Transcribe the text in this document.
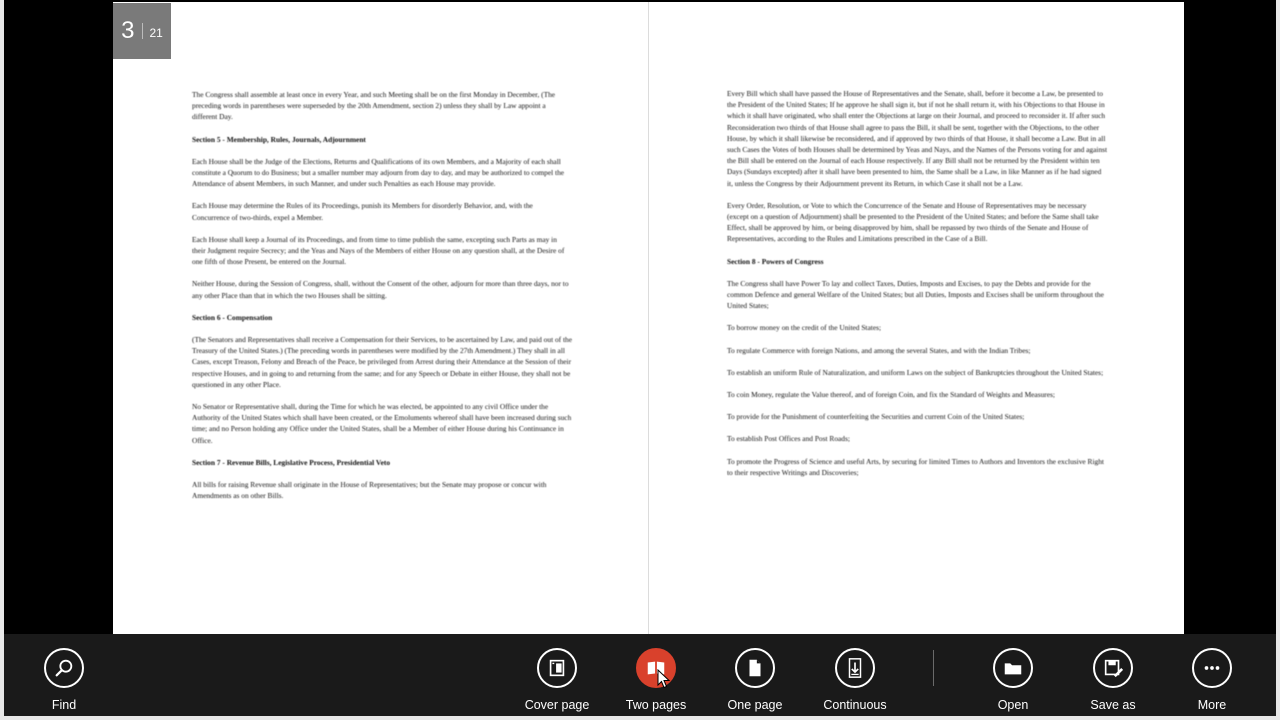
3 21

The Congress shall assemble at least once in every Year, and such Meeting shall be on the first Monday in December, (The preceding words in parentheses were superseded by the 20th Amendment, section 2) unless they shall by Law appoint a different Day.

Section 5 - Membership, Rules, Journals, Adjournment

Each House shall be the Judge of the Elections, Returns and Qualifications of its own Members, and a Majority of each shall constitute a Quorum to do Business; but a smaller number may adjourn from day to day, and may be authorized to compel the Attendance of absent Members, in such Manner, and under such Penalties as each House may provide.

Each House may determine the Rules of its Proceedings, punish its Members for disorderly Behavior, and, with the Concurrence of two-thirds, expel a Member.

Each House shall keep a Journal of its Proceedings, and from time to time publish the same, excepting such Parts as may in their Judgment require Secrecy; and the Yeas and Nays of the Members of either House on any question shall, at the Desire of one fifth of those Present, be entered on the Journal.

Neither House, during the Session of Congress, shall, without the Consent of the other, adjourn for more than three days, nor to any other Place than that in which the two Houses shall be sitting.

Section 6 - Compensation

(The Senators and Representatives shall receive a Compensation for their Services, to be ascertained by Law, and paid out of the Treasury of the United States.) (The preceding words in parentheses were modified by the 27th Amendment.) They shall in all Cases, except Treason, Felony and Breach of the Peace, be privileged from Arrest during their Attendance at the Session of their respective Houses, and in going to and returning from the same; and for any Speech or Debate in either House, they shall not be questioned in any other Place.

No Senator or Representative shall, during the Time for which he was elected, be appointed to any civil Office under the Authority of the United States which shall have been created, or the Emoluments whereof shall have been increased during such time; and no Person holding any Office under the United States, shall be a Member of either House during his Continuance in Office.

Section 7 - Revenue Bills, Legislative Process, Presidential Veto

All bills for raising Revenue shall originate in the House of Representatives; but the Senate may propose or concur with Amendments as on other Bills.

Every Bill which shall have passed the House of Representatives and the Senate, shall, before it become a Law, be presented to the President of the United States; If he approve he shall sign it, but if not he shall return it, with his Objections to that House in which it shall have originated, who shall enter the Objections at large on their Journal, and proceed to reconsider it. If after such Reconsideration two thirds of that House shall agree to pass the Bill, it shall be sent, together with the Objections, to the other House, by which it shall likewise be reconsidered, and if approved by two thirds of that House, it shall become a Law. But in all such Cases the Votes of both Houses shall be determined by Yeas and Nays, and the Names of the Persons voting for and against the Bill shall be entered on the Journal of each House respectively. If any Bill shall not be returned by the President within ten Days (Sundays excepted) after it shall have been presented to him, the Same shall be a Law, in like Manner as if he had signed it, unless the Congress by their Adjournment prevent its Return, in which Case it shall not be a Law.

Every Order, Resolution, or Vote to which the Concurrence of the Senate and House of Representatives may be necessary (except on a question of Adjournment) shall be presented to the President of the United States; and before the Same shall take Effect, shall be approved by him, or being disapproved by him, shall be repassed by two thirds of the Senate and House of Representatives, according to the Rules and Limitations prescribed in the Case of a Bill.

Section 8 - Powers of Congress

The Congress shall have Power To lay and collect Taxes, Duties, Imposts and Excises, to pay the Debts and provide for the common Defence and general Welfare of the United States; but all Duties, Imposts and Excises shall be uniform throughout the United States;

To borrow money on the credit of the United States;

To regulate Commerce with foreign Nations, and among the several States, and with the Indian Tribes;

To establish an uniform Rule of Naturalization, and uniform Laws on the subject of Bankruptcies throughout the United States;

To coin Money, regulate the Value thereof, and of foreign Coin, and fix the Standard of Weights and Measures;

To provide for the Punishment of counterfeiting the Securities and current Coin of the United States;

To establish Post Offices and Post Roads;

To promote the Progress of Science and useful Arts, by securing for limited Times to Authors and Inventors the exclusive Right to their respective Writings and Discoveries;

Find	Cover page	Two pages	One page	Continuous	Open	Save as	More
